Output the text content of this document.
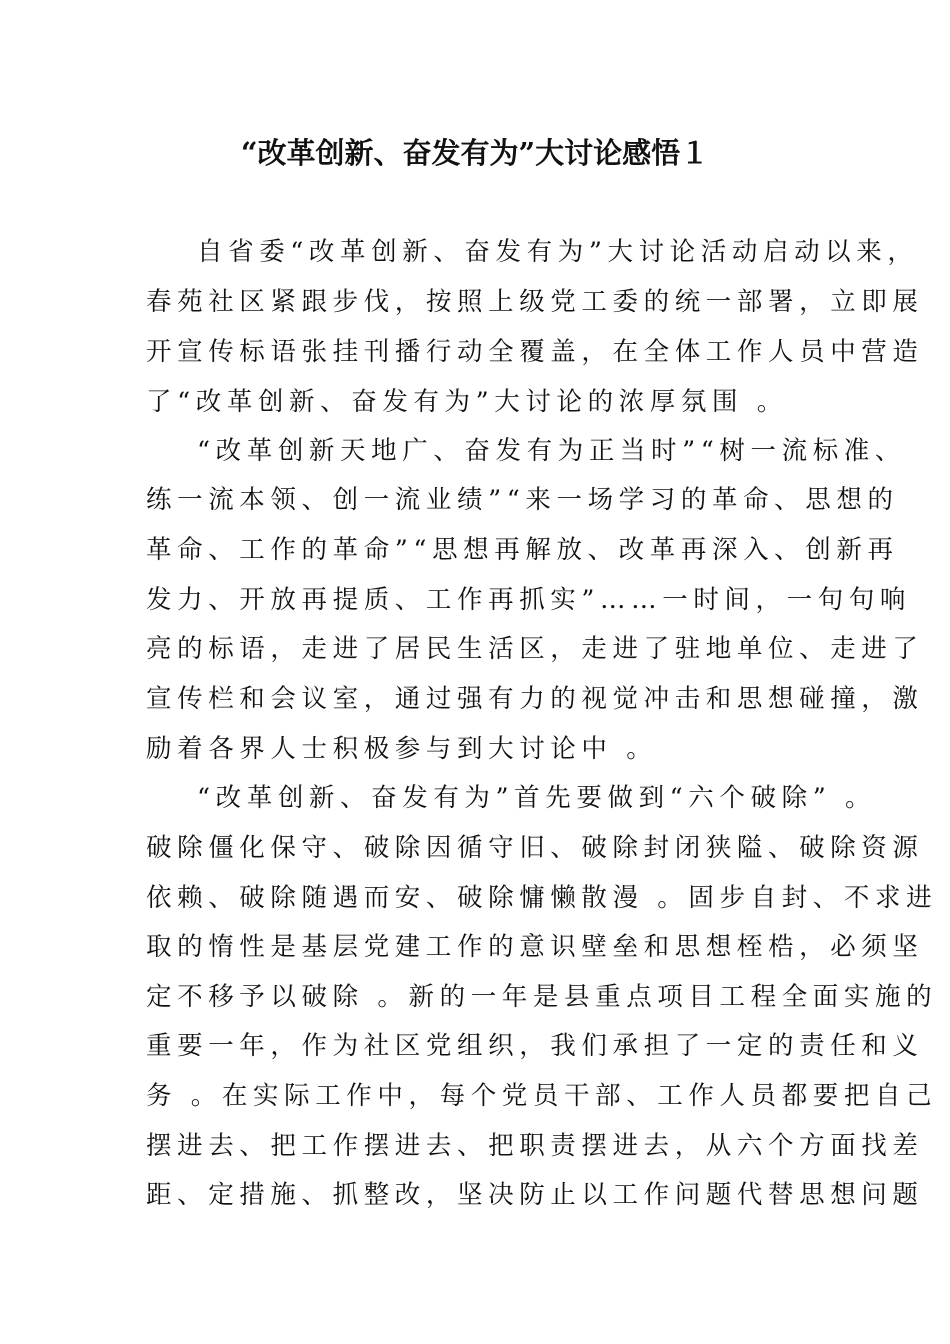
“改革创新、奋发有为”大讨论感悟１
自省委“改革创新、奋发有为”大讨论活动启动以来，
春苑社区紧跟步伐，按照上级党工委的统一部署，立即展
开宣传标语张挂刊播行动全覆盖，在全体工作人员中营造
了“改革创新、奋发有为”大讨论的浓厚氛围 。
“改革创新天地广、奋发有为正当时”“树一流标准、
练一流本领、创一流业绩”“来一场学习的革命、思想的
革命、工作的革命”“思想再解放、改革再深入、创新再
发力、开放再提质、工作再抓实”……一时间，一句句响
亮的标语，走进了居民生活区，走进了驻地单位、走进了
宣传栏和会议室，通过强有力的视觉冲击和思想碰撞，激
励着各界人士积极参与到大讨论中 。
“改革创新、奋发有为”首先要做到“六个破除” 。
破除僵化保守、破除因循守旧、破除封闭狭隘、破除资源
依赖、破除随遇而安、破除慵懒散漫 。固步自封、不求进
取的惰性是基层党建工作的意识壁垒和思想桎梏，必须坚
定不移予以破除 。新的一年是县重点项目工程全面实施的
重要一年，作为社区党组织，我们承担了一定的责任和义
务 。在实际工作中，每个党员干部、工作人员都要把自己
摆进去、把工作摆进去、把职责摆进去，从六个方面找差
距、定措施、抓整改，坚决防止以工作问题代替思想问题
